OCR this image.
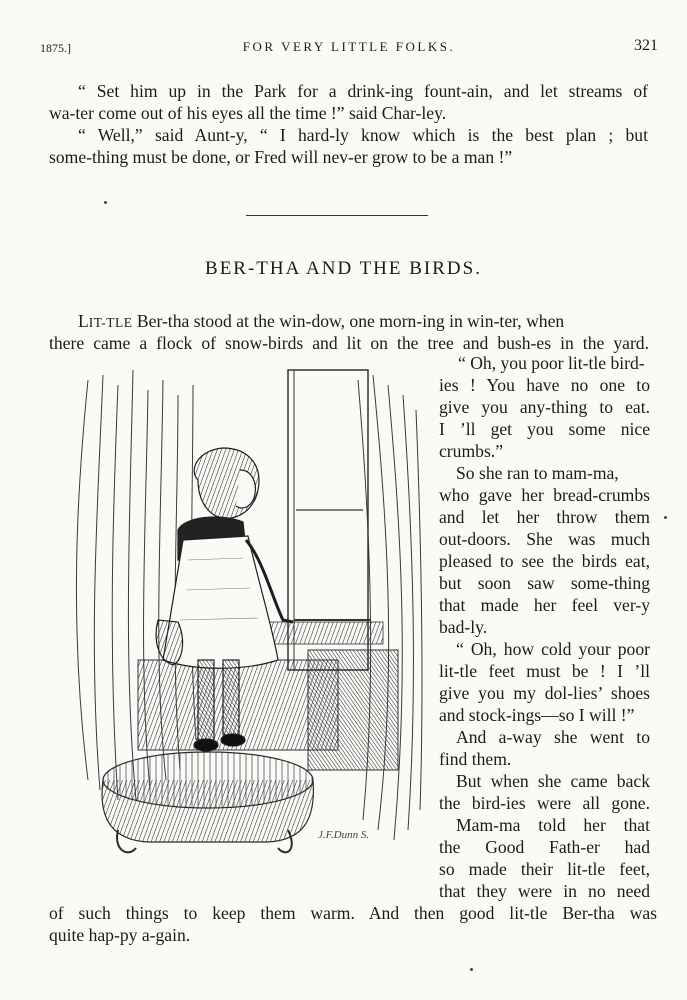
1875.]	FOR VERY LITTLE FOLKS.	321
“ Set him up in the Park for a drink-ing fount-ain, and let streams of
wa-ter come out of his eyes all the time !” said Char-ley.
“ Well,” said Aunt-y, “ I hard-ly know which is the best plan ; but
some-thing must be done, or Fred will nev-er grow to be a man !”
BER-THA AND THE BIRDS.
LIT-TLE Ber-tha stood at the win-dow, one morn-ing in win-ter, when
there came a flock of snow-birds and lit on the tree and bush-es in the yard.
J.F.Dunn S.
“ Oh, you poor lit-tle bird-
ies ! You have no one to
give you any-thing to eat.
I ’ll get you some nice
crumbs.”
So she ran to mam-ma,
who gave her bread-crumbs
and let her throw them
out-doors. She was much
pleased to see the birds eat,
but soon saw some-thing
that made her feel ver-y
bad-ly.
“ Oh, how cold your poor
lit-tle feet must be ! I ’ll
give you my dol-lies’ shoes
and stock-ings—so I will !”
And a-way she went to
find them.
But when she came back
the bird-ies were all gone.
Mam-ma told her that
the Good Fath-er had
so made their lit-tle feet,
that they were in no need
of such things to keep them warm. And then good lit-tle Ber-tha was
quite hap-py a-gain.
